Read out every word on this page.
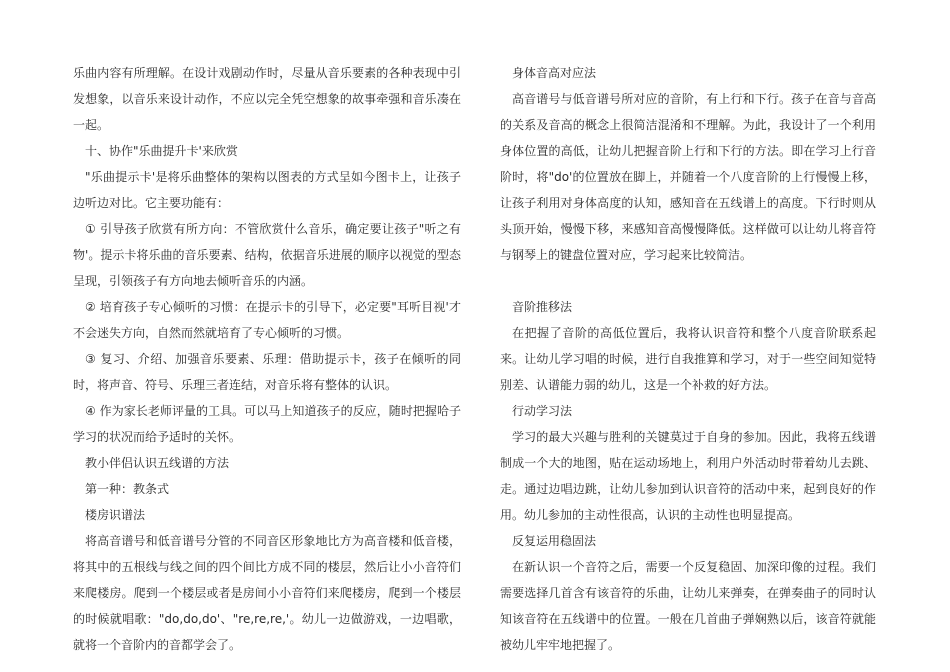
乐曲内容有所理解。在设计戏剧动作时，尽量从音乐要素的各种表现中引发想象，以音乐来设计动作，不应以完全凭空想象的故事牵强和音乐凑在一起。

十、协作"乐曲提升卡'来欣赏

"乐曲提示卡'是将乐曲整体的架构以图表的方式呈如今图卡上，让孩子边听边对比。它主要功能有：

① 引导孩子欣赏有所方向：不管欣赏什么音乐，确定要让孩子"听之有物'。提示卡将乐曲的音乐要素、结构，依据音乐进展的顺序以视觉的型态呈现，引领孩子有方向地去倾听音乐的内涵。

② 培育孩子专心倾听的习惯：在提示卡的引导下，必定要"耳听目视'才不会迷失方向，自然而然就培育了专心倾听的习惯。

③ 复习、介绍、加强音乐要素、乐理：借助提示卡，孩子在倾听的同时，将声音、符号、乐理三者连结，对音乐将有整体的认识。

④ 作为家长老师评量的工具。可以马上知道孩子的反应，随时把握哈子学习的状况而给予适时的关怀。

教小伴侣认识五线谱的方法

第一种：教条式

楼房识谱法

将高音谱号和低音谱号分管的不同音区形象地比方为高音楼和低音楼，将其中的五根线与线之间的四个间比方成不同的楼层，然后让小小音符们来爬楼房。爬到一个楼层或者是房间小小音符们来爬楼房，爬到一个楼层的时候就唱歌："do,do,do'、"re,re,re,'。幼儿一边做游戏，一边唱歌，就将一个音阶内的音都学会了。

身体音高对应法

高音谱号与低音谱号所对应的音阶，有上行和下行。孩子在音与音高的关系及音高的概念上很简洁混淆和不理解。为此，我设计了一个利用身体位置的高低，让幼儿把握音阶上行和下行的方法。即在学习上行音阶时，将"do'的位置放在脚上，并随着一个八度音阶的上行慢慢上移，让孩子利用对身体高度的认知，感知音在五线谱上的高度。下行时则从头顶开始，慢慢下移，来感知音高慢慢降低。这样做可以让幼儿将音符与钢琴上的键盘位置对应，学习起来比较简洁。

音阶推移法

在把握了音阶的高低位置后，我将认识音符和整个八度音阶联系起来。让幼儿学习唱的时候，进行自我推算和学习，对于一些空间知觉特别差、认谱能力弱的幼儿，这是一个补救的好方法。

行动学习法

学习的最大兴趣与胜利的关键莫过于自身的参加。因此，我将五线谱制成一个大的地图，贴在运动场地上，利用户外活动时带着幼儿去跳、走。通过边唱边跳，让幼儿参加到认识音符的活动中来，起到良好的作用。幼儿参加的主动性很高，认识的主动性也明显提高。

反复运用稳固法

在新认识一个音符之后，需要一个反复稳固、加深印像的过程。我们需要选择几首含有该音符的乐曲，让幼儿来弹奏，在弹奏曲子的同时认知该音符在五线谱中的位置。一般在几首曲子弹娴熟以后，该音符就能被幼儿牢牢地把握了。
